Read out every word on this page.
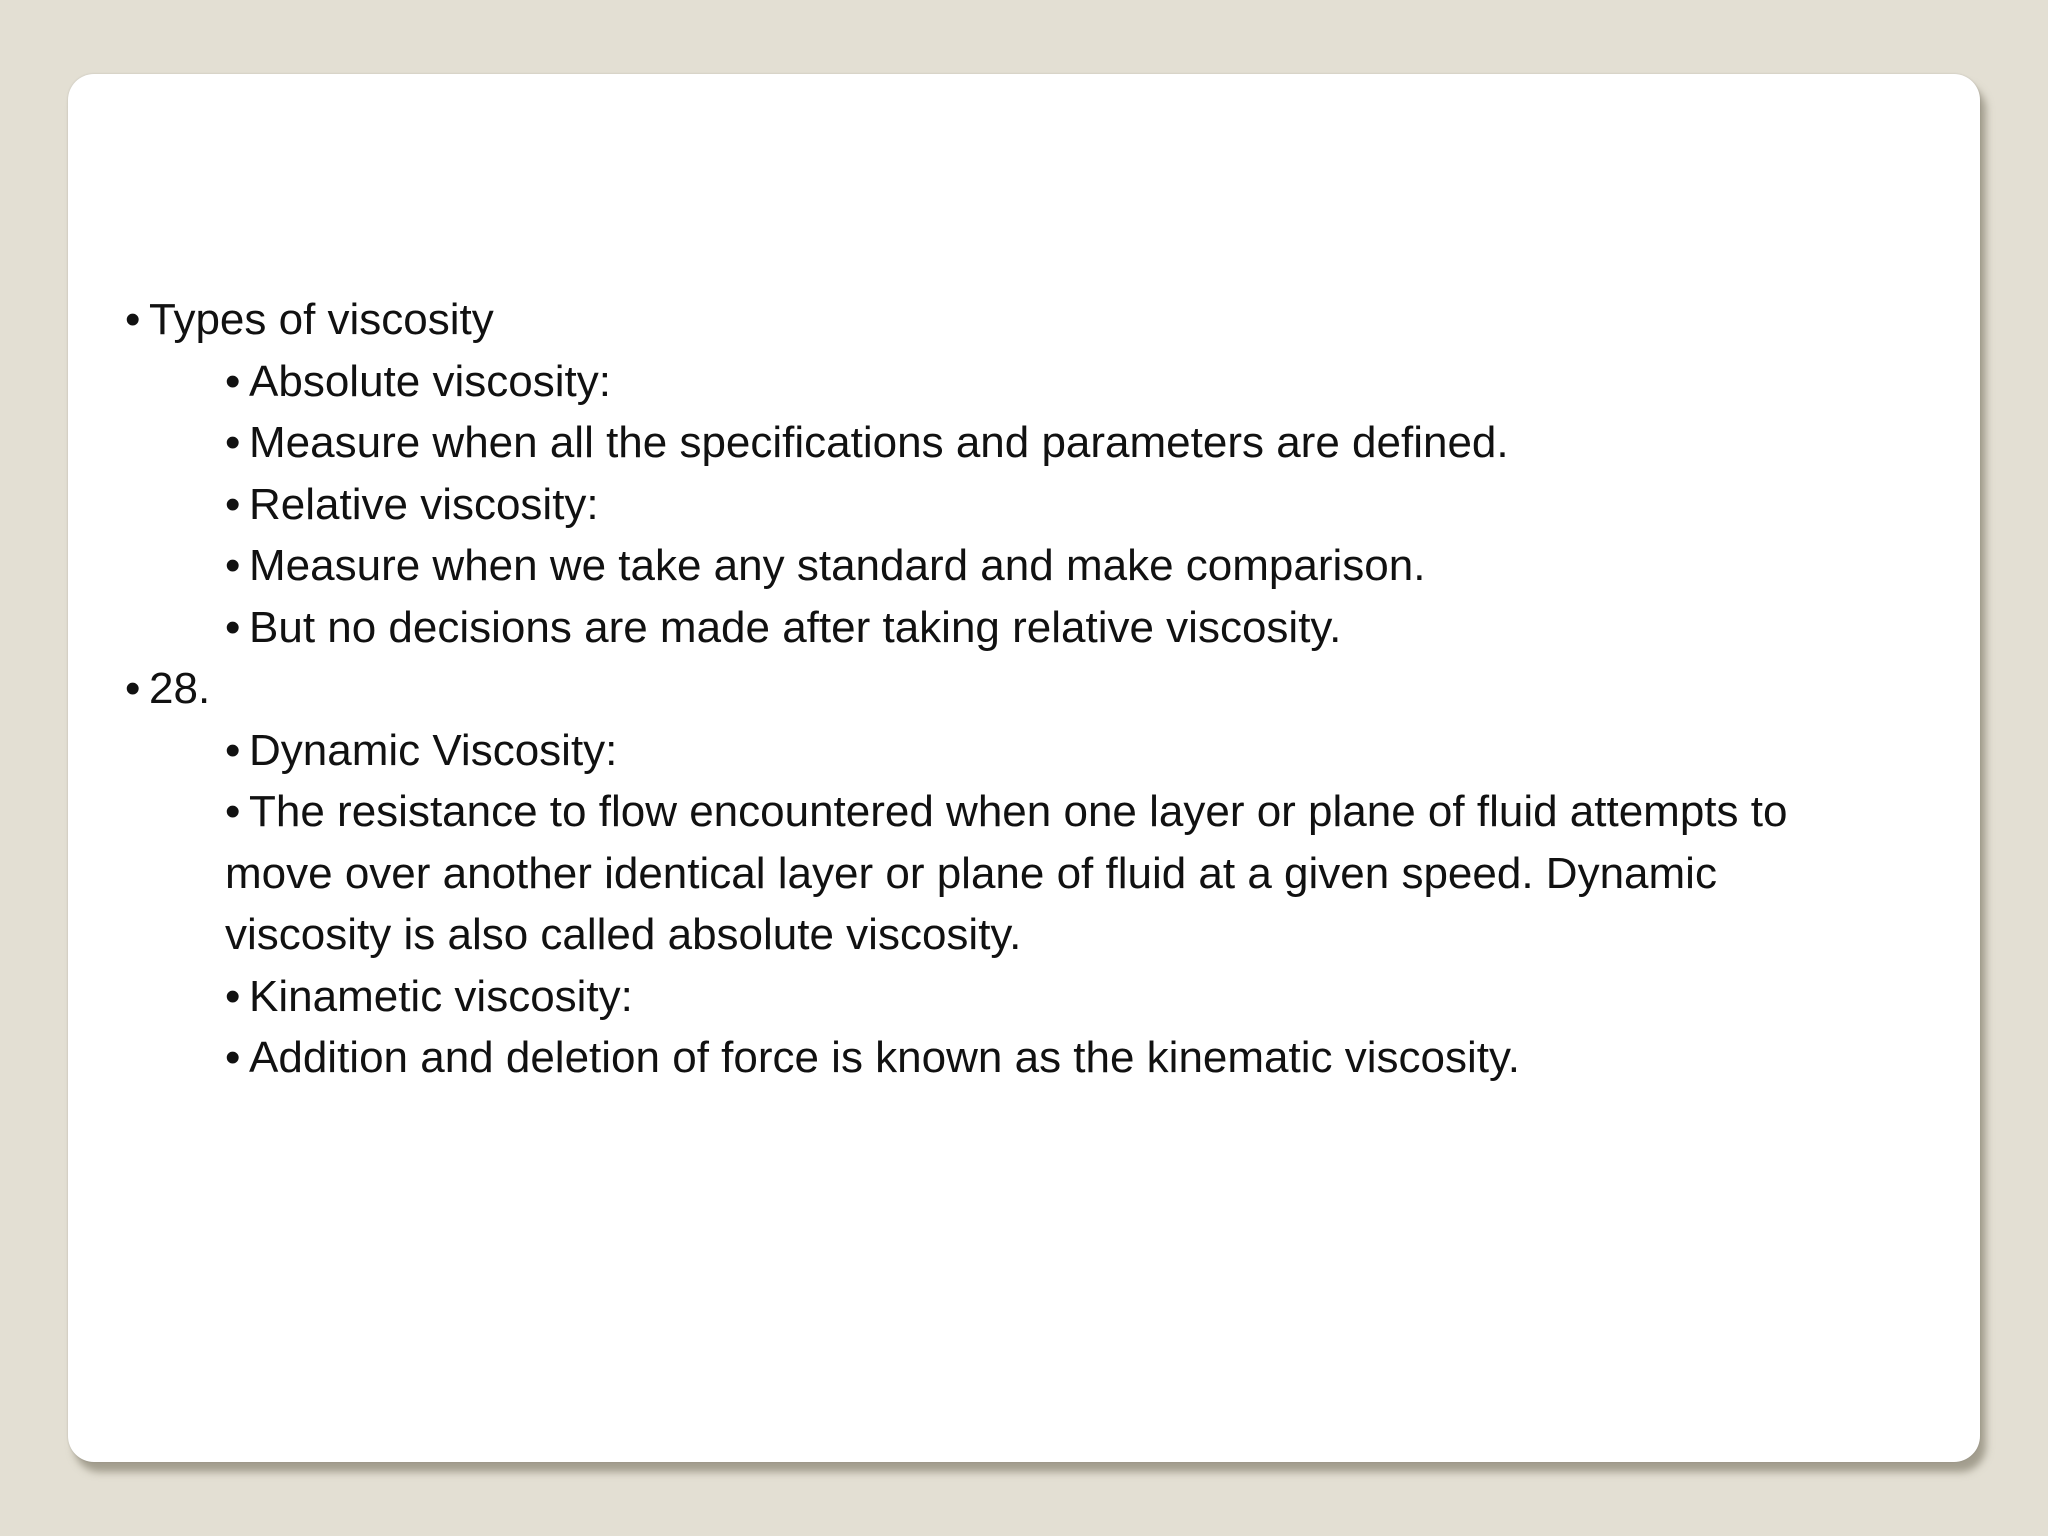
• Types of viscosity
• Absolute viscosity:
• Measure when all the specifications and parameters are defined.
• Relative viscosity:
• Measure when we take any standard and make comparison.
• But no decisions are made after taking relative viscosity.
• 28.
• Dynamic Viscosity:
• The resistance to flow encountered when one layer or plane of fluid attempts to
move over another identical layer or plane of fluid at a given speed. Dynamic
viscosity is also called absolute viscosity.
• Kinametic viscosity:
• Addition and deletion of force is known as the kinematic viscosity.
